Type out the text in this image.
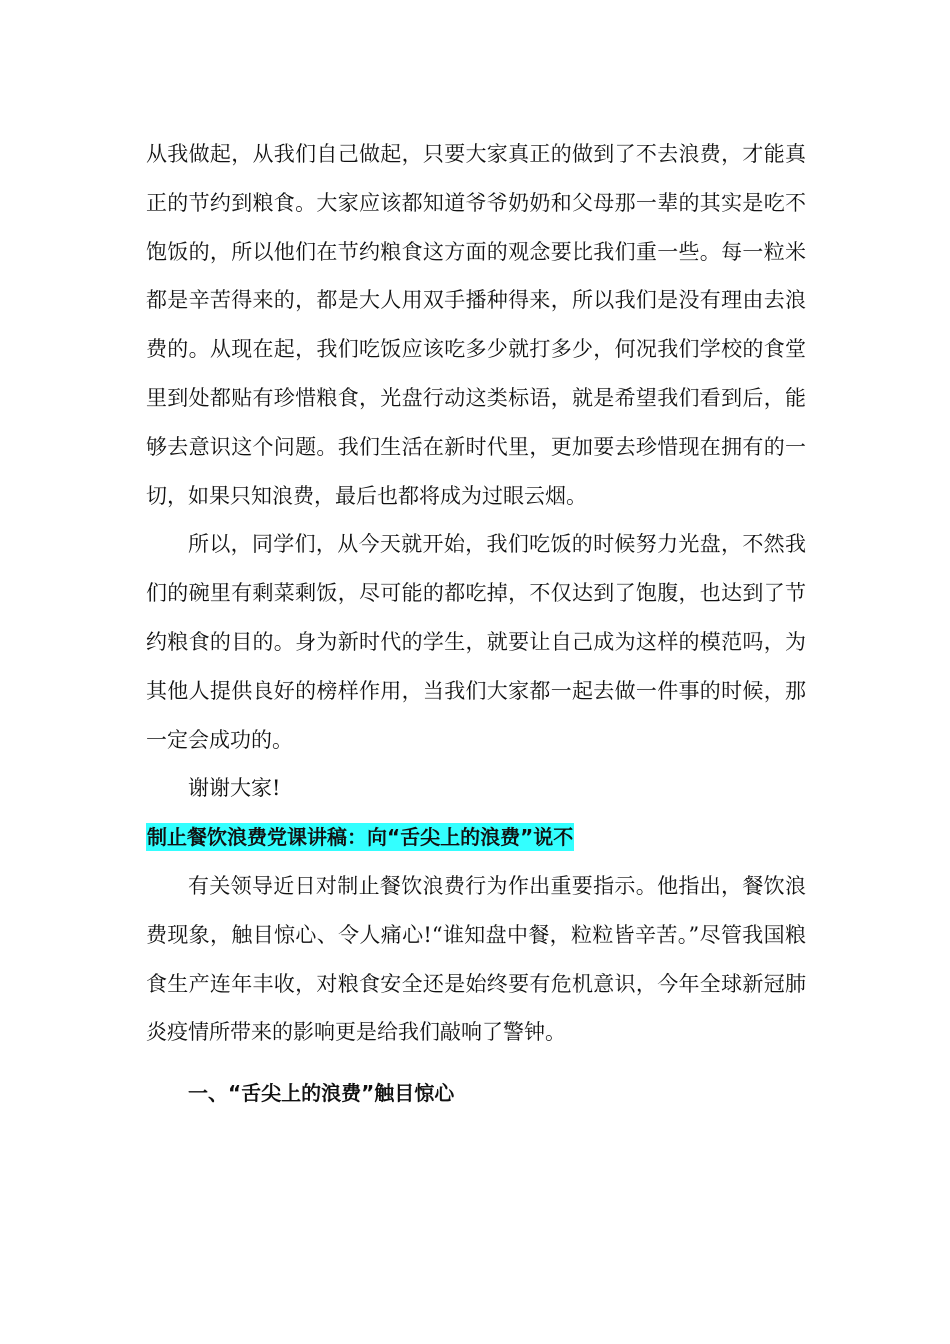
从我做起，从我们自己做起，只要大家真正的做到了不去浪费，才能真正的节约到粮食。大家应该都知道爷爷奶奶和父母那一辈的其实是吃不饱饭的，所以他们在节约粮食这方面的观念要比我们重一些。每一粒米都是辛苦得来的，都是大人用双手播种得来，所以我们是没有理由去浪费的。从现在起，我们吃饭应该吃多少就打多少，何况我们学校的食堂里到处都贴有珍惜粮食，光盘行动这类标语，就是希望我们看到后，能够去意识这个问题。我们生活在新时代里，更加要去珍惜现在拥有的一切，如果只知浪费，最后也都将成为过眼云烟。

所以，同学们，从今天就开始，我们吃饭的时候努力光盘，不然我们的碗里有剩菜剩饭，尽可能的都吃掉，不仅达到了饱腹，也达到了节约粮食的目的。身为新时代的学生，就要让自己成为这样的模范吗，为其他人提供良好的榜样作用，当我们大家都一起去做一件事的时候，那一定会成功的。

谢谢大家!

制止餐饮浪费党课讲稿：向“舌尖上的浪费”说不

有关领导近日对制止餐饮浪费行为作出重要指示。他指出，餐饮浪费现象，触目惊心、令人痛心!“谁知盘中餐，粒粒皆辛苦。”尽管我国粮食生产连年丰收，对粮食安全还是始终要有危机意识，今年全球新冠肺炎疫情所带来的影响更是给我们敲响了警钟。

一、“舌尖上的浪费”触目惊心
